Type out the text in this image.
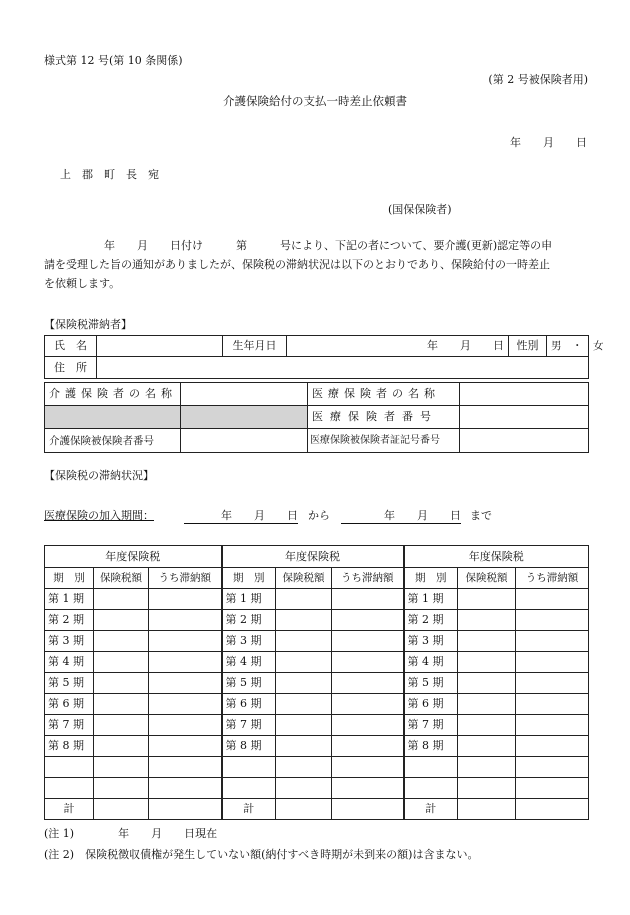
様式第 12 号(第 10 条関係)
(第 2 号被保険者用)
介護保険給付の支払一時差止依頼書
年　　月　　日
上　郡　町　長　宛
(国保保険者)
年　　月　　日付け　　　第　　　号により、下記の者について、要介護(更新)認定等の申
請を受理した旨の通知がありましたが、保険税の滞納状況は以下のとおりであり、保険給付の一時差止
を依頼します。
【保険税滞納者】
氏　名		生年月日	年　　月　　日	性別	男　・　女
住　所					
介護保険者の名称		医療保険者の名称	
		医療保険者番号	
介護保険被保険者番号		医療保険被保険者証記号番号	
【保険税の滞納状況】
医療保険の加入期間：	年　　月　　日 から	年　　月　　日 まで
年度保険税			年度保険税			年度保険税		
期　別	保険税額	うち滞納額	期　別	保険税額	うち滞納額	期　別	保険税額	うち滞納額
第 1 期			第 1 期			第 1 期		
第 2 期			第 2 期			第 2 期		
第 3 期			第 3 期			第 3 期		
第 4 期			第 4 期			第 4 期		
第 5 期			第 5 期			第 5 期		
第 6 期			第 6 期			第 6 期		
第 7 期			第 7 期			第 7 期		
第 8 期			第 8 期			第 8 期		

計			計			計		
(注 1)　　　　年　　月　　日現在
(注 2)　保険税徴収債権が発生していない額(納付すべき時期が未到来の額)は含まない。
